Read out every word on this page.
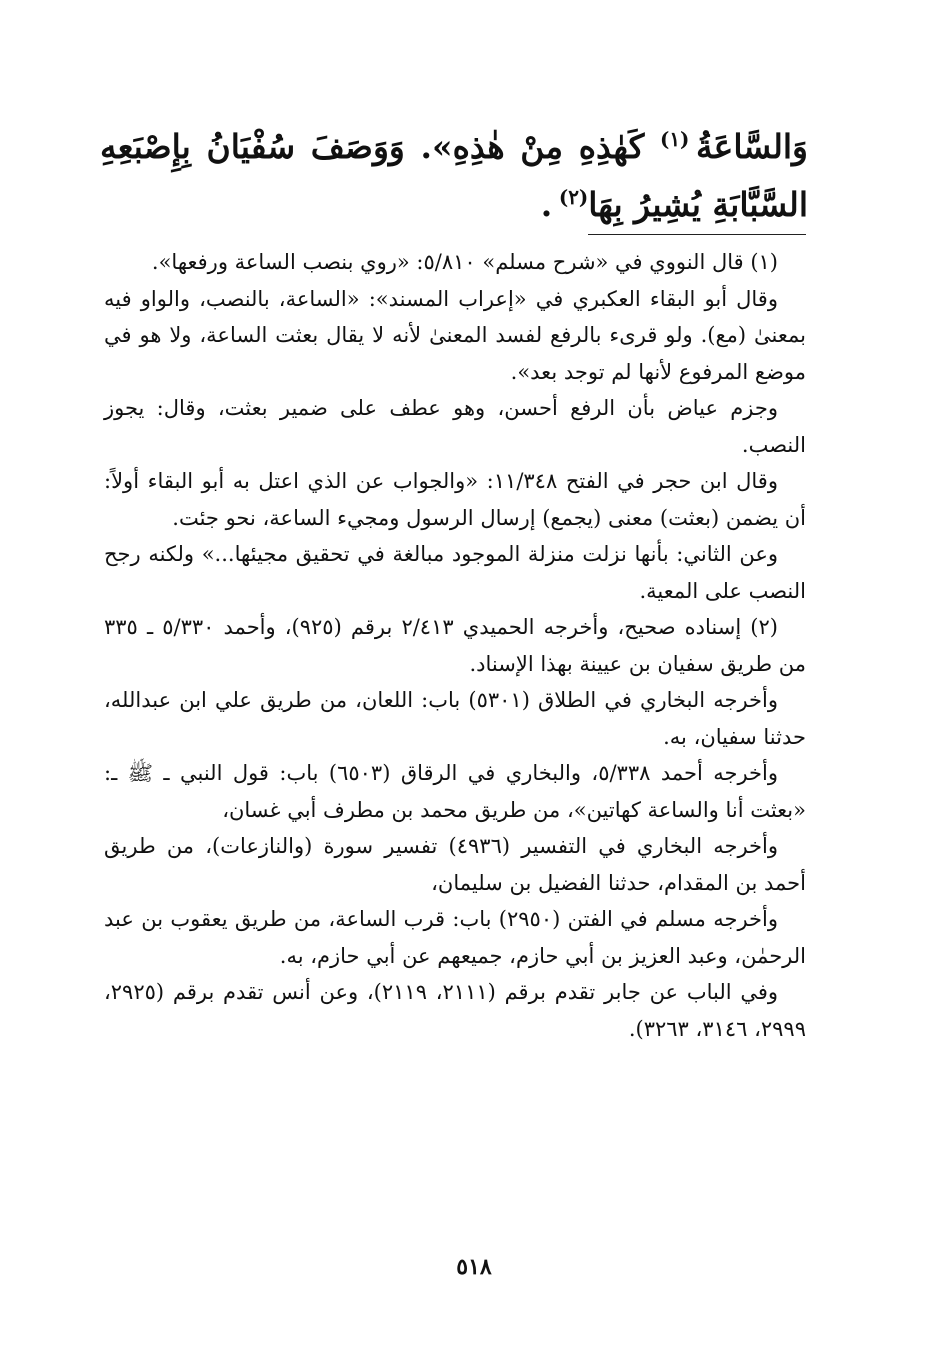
وَالسَّاعَةُ $^{(١)}$ كَهٰذِهِ مِنْ هٰذِهِ». وَوَصَفَ سُفْيَانُ بِإِصْبَعِهِ السَّبَّابَةِ يُشِيرُ بِهَا$^{(٢)}$ .

(١) قال النووي في «شرح مسلم» ٥/٨١٠: «روي بنصب الساعة ورفعها».

وقال أبو البقاء العكبري في «إعراب المسند»: «الساعة، بالنصب، والواو فيه بمعنىٰ (مع). ولو قرىء بالرفع لفسد المعنىٰ لأنه لا يقال بعثت الساعة، ولا هو في موضع المرفوع لأنها لم توجد بعد».

وجزم عياض بأن الرفع أحسن، وهو عطف على ضمير بعثت، وقال: يجوز النصب.

وقال ابن حجر في الفتح ١١/٣٤٨: «والجواب عن الذي اعتل به أبو البقاء أولاً: أن يضمن (بعثت) معنى (يجمع) إرسال الرسول ومجيء الساعة، نحو جئت.

وعن الثاني: بأنها نزلت منزلة الموجود مبالغة في تحقيق مجيئها...» ولكنه رجح النصب على المعية.

(٢) إسناده صحيح، وأخرجه الحميدي ٢/٤١٣ برقم (٩٢٥)، وأحمد ٥/٣٣٠ ـ ٣٣٥ من طريق سفيان بن عيينة بهذا الإسناد.

وأخرجه البخاري في الطلاق (٥٣٠١) باب: اللعان، من طريق علي ابن عبدالله، حدثنا سفيان، به.

وأخرجه أحمد ٥/٣٣٨، والبخاري في الرقاق (٦٥٠٣) باب: قول النبي ـ ﷺ ـ: «بعثت أنا والساعة كهاتين»، من طريق محمد بن مطرف أبي غسان،

وأخرجه البخاري في التفسير (٤٩٣٦) تفسير سورة (والنازعات)، من طريق أحمد بن المقدام، حدثنا الفضيل بن سليمان،

وأخرجه مسلم في الفتن (٢٩٥٠) باب: قرب الساعة، من طريق يعقوب بن عبد الرحمٰن، وعبد العزيز بن أبي حازم، جميعهم عن أبي حازم، به.

وفي الباب عن جابر تقدم برقم (٢١١١، ٢١١٩)، وعن أنس تقدم برقم (٢٩٢٥، ٢٩٩٩، ٣١٤٦، ٣٢٦٣).

٥١٨
